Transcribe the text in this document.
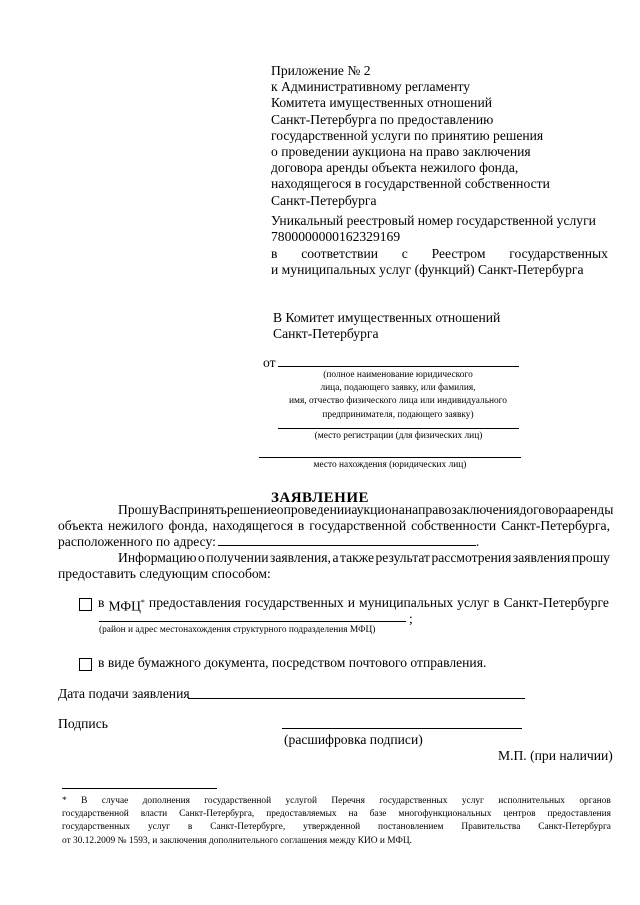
Приложение № 2
к Административному регламенту
Комитета имущественных отношений
Санкт-Петербурга по предоставлению
государственной услуги по принятию решения
о проведении аукциона на право заключения
договора аренды объекта нежилого фонда,
находящегося в государственной собственности
Санкт-Петербурга
Уникальный реестровый номер государственной услуги
7800000000162329169
в соответствии с Реестром государственных
и муниципальных услуг (функций) Санкт-Петербурга
В Комитет имущественных отношений
Санкт-Петербурга
от
(полное наименование юридического
лица, подающего заявку, или фамилия,
имя, отчество физического лица или индивидуального
предпринимателя, подающего заявку)
(место регистрации (для физических лиц)
место нахождения (юридических лиц)
ЗАЯВЛЕНИЕ
Прошу Вас принять решение о проведении аукциона на право заключения договора аренды
объекта нежилого фонда, находящегося в государственной собственности Санкт-Петербурга,
расположенного по адресу:	.
Информацию о получении заявления, а также результат рассмотрения заявления прошу
предоставить следующим способом:
в МФЦ* предоставления государственных и муниципальных услуг в Санкт-Петербурге
;
(район и адрес местонахождения структурного подразделения МФЦ)
в виде бумажного документа, посредством почтового отправления.
Дата подачи заявления
Подпись
(расшифровка подписи)
М.П. (при наличии)
* В случае дополнения государственной услугой Перечня государственных услуг исполнительных органов
государственной власти Санкт-Петербурга, предоставляемых на базе многофункциональных центров предоставления
государственных услуг в Санкт-Петербурге, утвержденной постановлением Правительства Санкт-Петербурга
от 30.12.2009 № 1593, и заключения дополнительного соглашения между КИО и МФЦ.
